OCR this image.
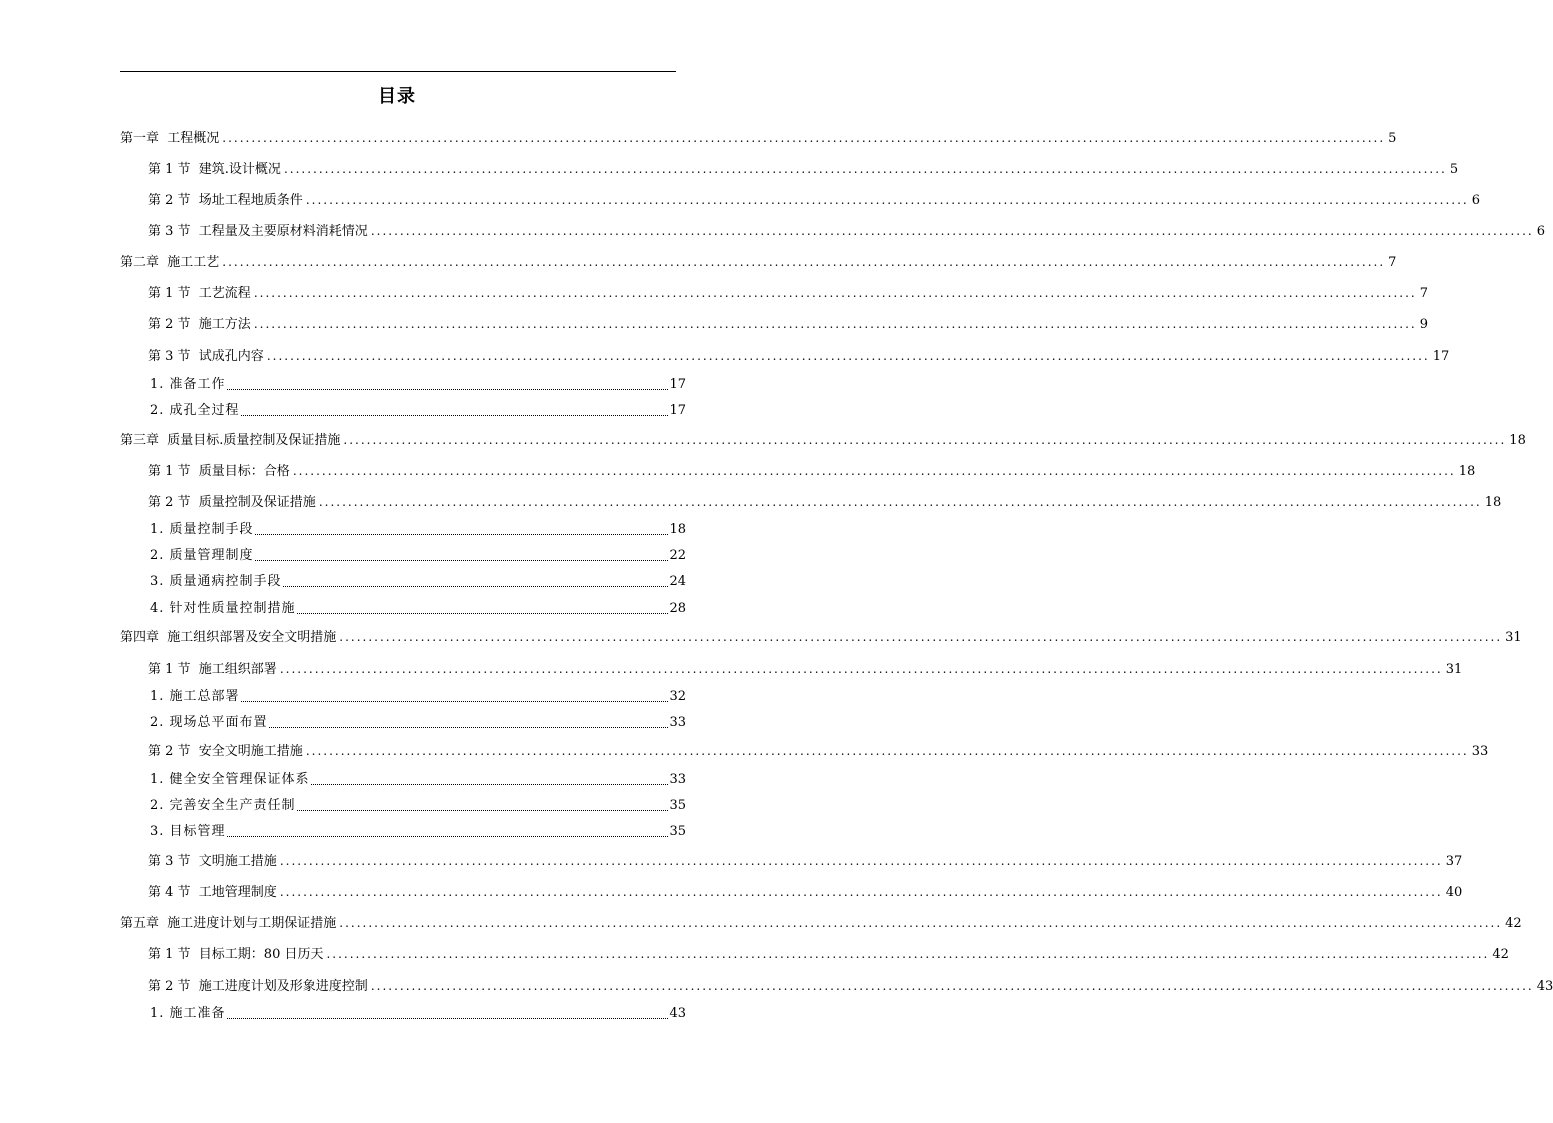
目录
第一章  工程概况 ........................................................................................................................................................................................................ 5
第 1 节  建筑.设计概况 ........................................................................................................................................................................................................ 5
第 2 节  场址工程地质条件 ........................................................................................................................................................................................................ 6
第 3 节  工程量及主要原材料消耗情况 ........................................................................................................................................................................................................ 6
第二章  施工工艺 ........................................................................................................................................................................................................ 7
第 1 节  工艺流程 ........................................................................................................................................................................................................ 7
第 2 节  施工方法 ........................................................................................................................................................................................................ 9
第 3 节  试成孔内容 ........................................................................................................................................................................................................ 17
1. 准备工作	17
2. 成孔全过程	17
第三章  质量目标.质量控制及保证措施 ........................................................................................................................................................................................................ 18
第 1 节  质量目标：合格 ........................................................................................................................................................................................................ 18
第 2 节  质量控制及保证措施 ........................................................................................................................................................................................................ 18
1. 质量控制手段	18
2. 质量管理制度	22
3. 质量通病控制手段	24
4. 针对性质量控制措施	28
第四章  施工组织部署及安全文明措施 ........................................................................................................................................................................................................ 31
第 1 节  施工组织部署 ........................................................................................................................................................................................................ 31
1. 施工总部署	32
2. 现场总平面布置	33
第 2 节  安全文明施工措施 ........................................................................................................................................................................................................ 33
1. 健全安全管理保证体系	33
2. 完善安全生产责任制	35
3. 目标管理	35
第 3 节  文明施工措施 ........................................................................................................................................................................................................ 37
第 4 节  工地管理制度 ........................................................................................................................................................................................................ 40
第五章  施工进度计划与工期保证措施 ........................................................................................................................................................................................................ 42
第 1 节  目标工期：80 日历天 ........................................................................................................................................................................................................ 42
第 2 节  施工进度计划及形象进度控制 ........................................................................................................................................................................................................ 43
1. 施工准备	43
